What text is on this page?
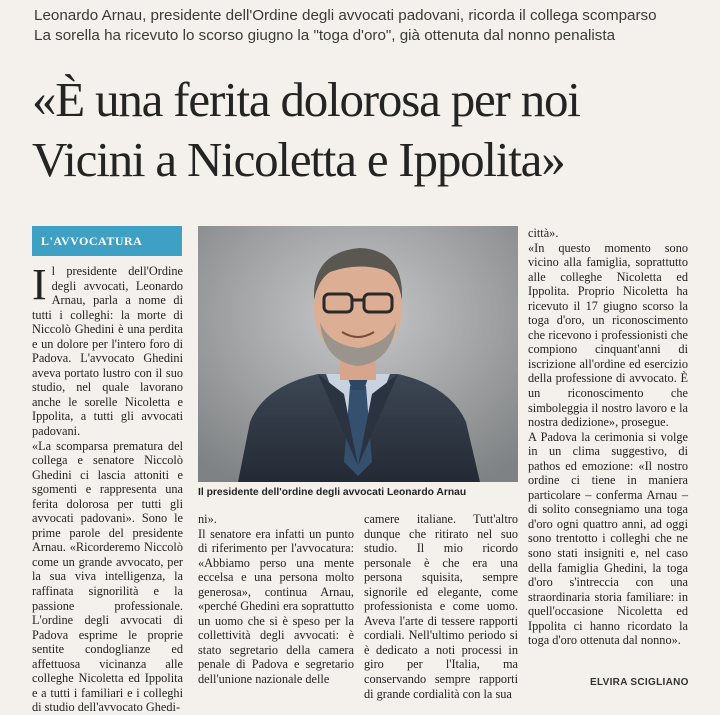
Leonardo Arnau, presidente dell'Ordine degli avvocati padovani, ricorda il collega scomparso
La sorella ha ricevuto lo scorso giugno la "toga d'oro", già ottenuta dal nonno penalista
«È una ferita dolorosa per noi
Vicini a Nicoletta e Ippolita»
L'AVVOCATURA
I l presidente dell'Ordine degli avvocati, Leonardo Arnau, parla a nome di tutti i colleghi: la morte di Niccolò Ghedini è una perdita e un dolore per l'intero foro di Padova. L'avvocato Ghedini aveva portato lustro con il suo studio, nel quale lavorano anche le sorelle Nicoletta e Ippolita, a tutti gli avvocati padovani.

«La scomparsa prematura del collega e senatore Niccolò Ghedini ci lascia attoniti e sgomenti e rappresenta una ferita dolorosa per tutti gli avvocati padovani». Sono le prime parole del presidente Arnau. «Ricorderemo Niccolò come un grande avvocato, per la sua viva intelligenza, la raffinata signorilità e la passione professionale. L'ordine degli avvocati di Padova esprime le proprie sentite condoglianze ed affettuosa vicinanza alle colleghe Nicoletta ed Ippolita e a tutti i familiari e i colleghi di studio dell'avvocato Ghedi-

Il presidente dell'ordine degli avvocati Leonardo Arnau

ni».

Il senatore era infatti un punto di riferimento per l'avvocatura: «Abbiamo perso una mente eccelsa e una persona molto generosa», continua Arnau, «perché Ghedini era soprattutto un uomo che si è speso per la collettività degli avvocati: è stato segretario della camera penale di Padova e segretario dell'unione nazionale delle

camere italiane. Tutt'altro dunque che ritirato nel suo studio. Il mio ricordo personale è che era una persona squisita, sempre signorile ed elegante, come professionista e come uomo. Aveva l'arte di tessere rapporti cordiali. Nell'ultimo periodo si è dedicato a noti processi in giro per l'Italia, ma conservando sempre rapporti di grande cordialità con la sua

città».

«In questo momento sono vicino alla famiglia, soprattutto alle colleghe Nicoletta ed Ippolita. Proprio Nicoletta ha ricevuto il 17 giugno scorso la toga d'oro, un riconoscimento che ricevono i professionisti che compiono cinquant'anni di iscrizione all'ordine ed esercizio della professione di avvocato. È un riconoscimento che simboleggia il nostro lavoro e la nostra dedizione», prosegue.

A Padova la cerimonia si volge in un clima suggestivo, di pathos ed emozione: «Il nostro ordine ci tiene in maniera particolare – conferma Arnau – di solito consegniamo una toga d'oro ogni quattro anni, ad oggi sono trentotto i colleghi che ne sono stati insigniti e, nel caso della famiglia Ghedini, la toga d'oro s'intreccia con una straordinaria storia familiare: in quell'occasione Nicoletta ed Ippolita ci hanno ricordato la toga d'oro ottenuta dal nonno».

ELVIRA SCIGLIANO
